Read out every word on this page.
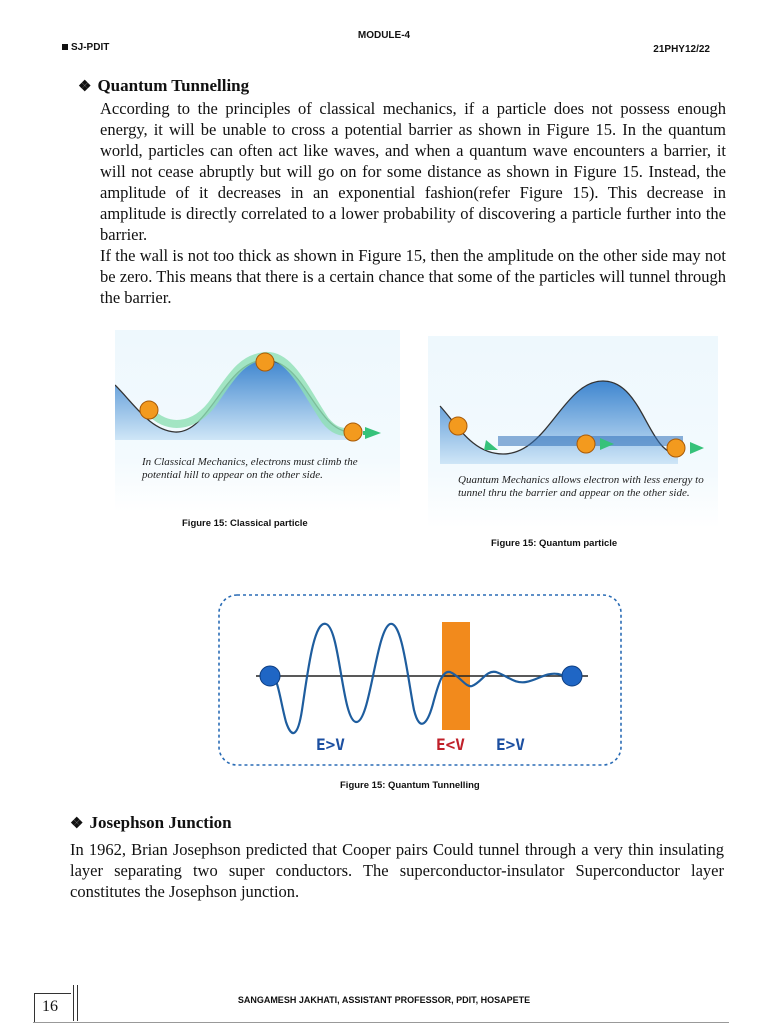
MODULE-4
SJ-PDIT	21PHY12/22
❖ Quantum Tunnelling
According to the principles of classical mechanics, if a particle does not possess enough energy, it will be unable to cross a potential barrier as shown in Figure 15. In the quantum world, particles can often act like waves, and when a quantum wave encounters a barrier, it will not cease abruptly but will go on for some distance as shown in Figure 15. Instead, the amplitude of it decreases in an exponential fashion(refer Figure 15). This decrease in amplitude is directly correlated to a lower probability of discovering a particle further into the barrier.
If the wall is not too thick as shown in Figure 15, then the amplitude on the other side may not be zero. This means that there is a certain chance that some of the particles will tunnel through the barrier.
In Classical Mechanics, electrons must climb the potential hill to appear on the other side.
Figure 15: Classical particle
Quantum Mechanics allows electron with less energy to tunnel thru the barrier and appear on the other side.
Figure 15: Quantum particle
E>V	E<V E>V
Figure 15: Quantum Tunnelling
❖ Josephson Junction
In 1962, Brian Josephson predicted that Cooper pairs Could tunnel through a very thin insulating layer separating two super conductors. The superconductor-insulator Superconductor layer constitutes the Josephson junction.
16	SANGAMESH JAKHATI, ASSISTANT PROFESSOR, PDIT, HOSAPETE
